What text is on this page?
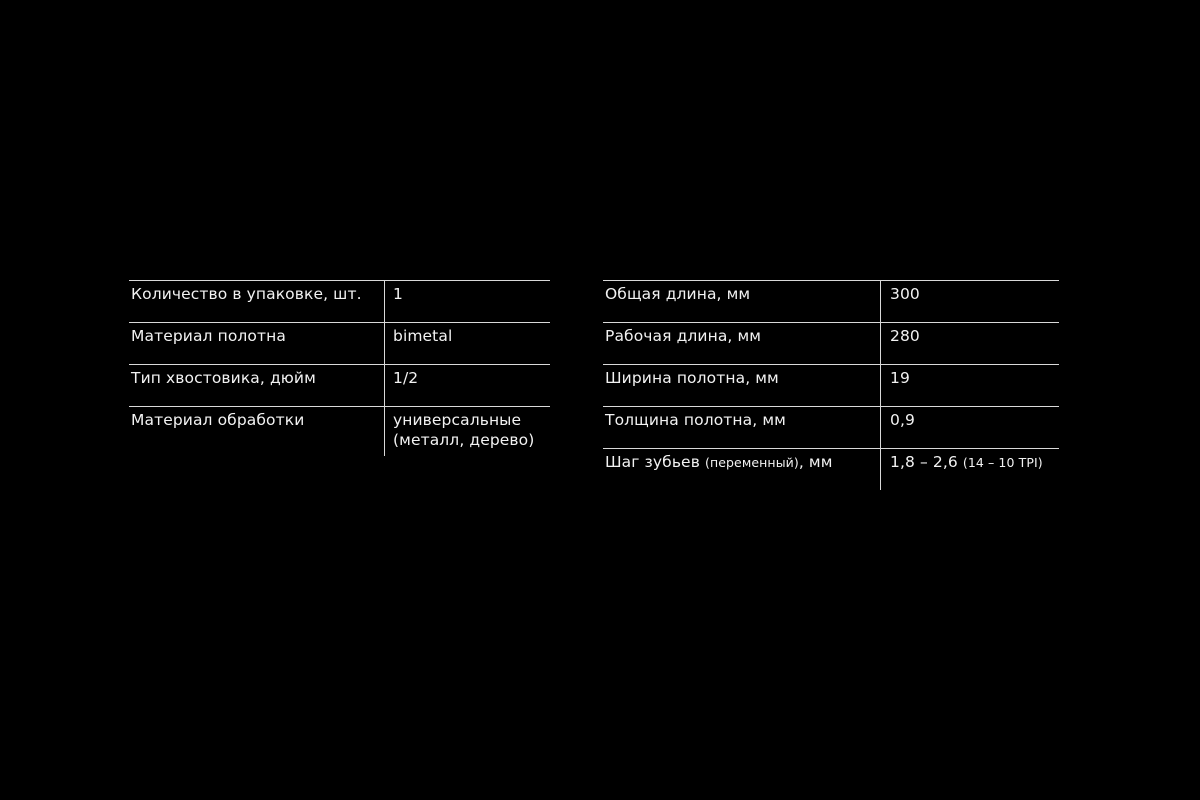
Количество в упаковке, шт.	1
Материал полотна	bimetal
Тип хвостовика, дюйм	1/2
Материал обработки	универсальные
(металл, дерево)
Общая длина, мм	300
Рабочая длина, мм	280
Ширина полотна, мм	19
Толщина полотна, мм	0,9
Шаг зубьев (переменный), мм	1,8 – 2,6 (14 – 10 TPI)
